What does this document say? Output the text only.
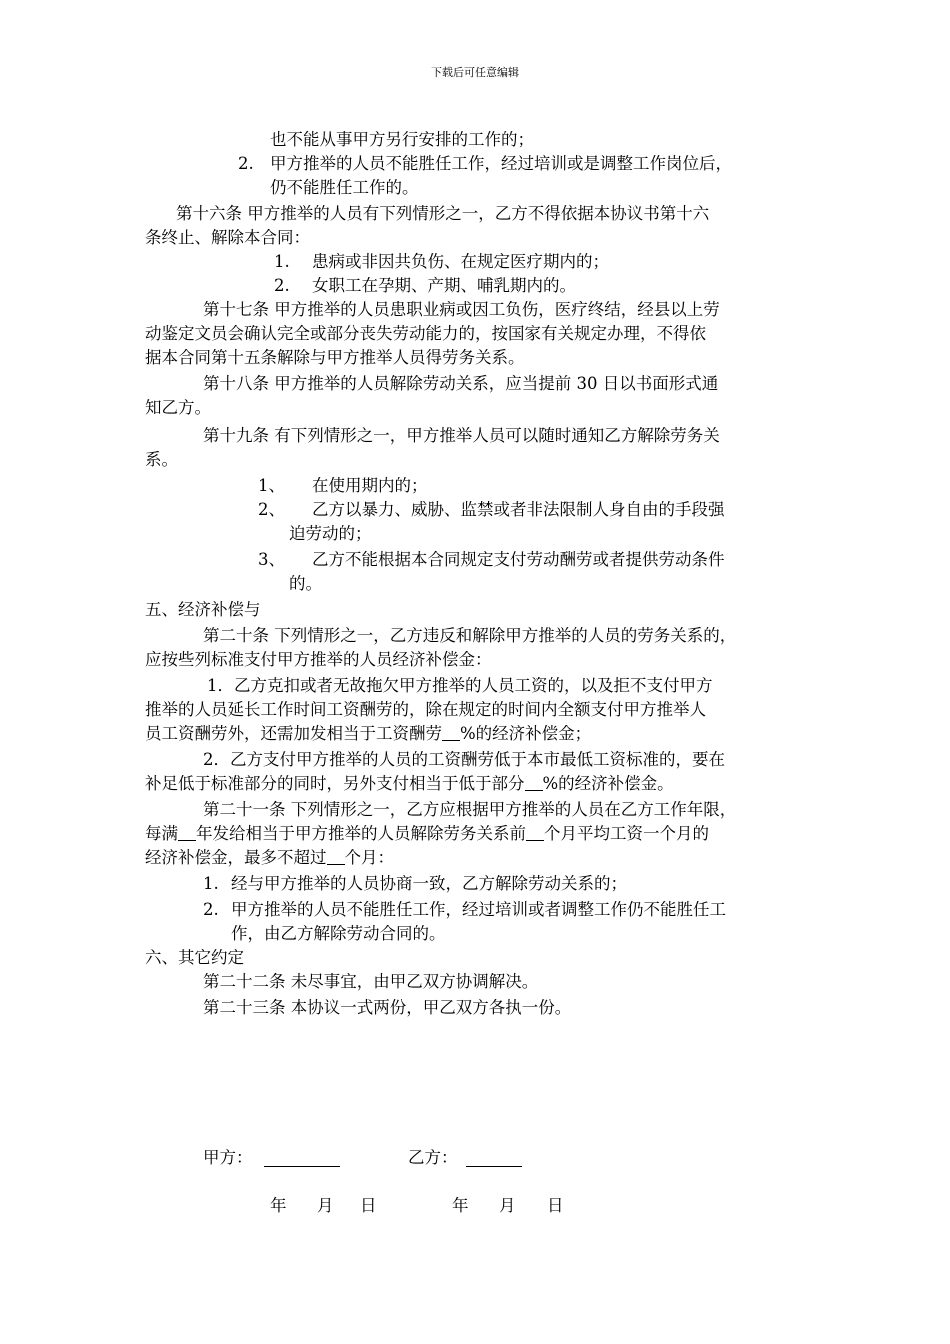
下载后可任意编辑
也不能从事甲方另行安排的工作的；
2. 甲方推举的人员不能胜任工作，经过培训或是调整工作岗位后，
仍不能胜任工作的。
第十六条 甲方推举的人员有下列情形之一，乙方不得依据本协议书第十六
条终止、解除本合同：
1. 患病或非因共负伤、在规定医疗期内的；
2. 女职工在孕期、产期、哺乳期内的。
第十七条 甲方推举的人员患职业病或因工负伤，医疗终结，经县以上劳
动鉴定文员会确认完全或部分丧失劳动能力的，按国家有关规定办理，不得依
据本合同第十五条解除与甲方推举人员得劳务关系。
第十八条 甲方推举的人员解除劳动关系，应当提前 30 日以书面形式通
知乙方。
第十九条 有下列情形之一，甲方推举人员可以随时通知乙方解除劳务关
系。
1、 在使用期内的；
2、 乙方以暴力、威胁、监禁或者非法限制人身自由的手段强
迫劳动的；
3、 乙方不能根据本合同规定支付劳动酬劳或者提供劳动条件
的。
五、经济补偿与
第二十条 下列情形之一，乙方违反和解除甲方推举的人员的劳务关系的，
应按些列标准支付甲方推举的人员经济补偿金：
1．乙方克扣或者无故拖欠甲方推举的人员工资的，以及拒不支付甲方
推举的人员延长工作时间工资酬劳的，除在规定的时间内全额支付甲方推举人
员工资酬劳外，还需加发相当于工资酬劳 %的经济补偿金；
2．乙方支付甲方推举的人员的工资酬劳低于本市最低工资标准的，要在
补足低于标准部分的同时，另外支付相当于低于部分 %的经济补偿金。
第二十一条 下列情形之一，乙方应根据甲方推举的人员在乙方工作年限，
每满 年发给相当于甲方推举的人员解除劳务关系前 个月平均工资一个月的
经济补偿金，最多不超过 个月：
1. 经与甲方推举的人员协商一致，乙方解除劳动关系的；
2. 甲方推举的人员不能胜任工作，经过培训或者调整工作仍不能胜任工
作，由乙方解除劳动合同的。
六、其它约定
第二十二条 未尽事宜，由甲乙双方协调解决。
第二十三条 本协议一式两份，甲乙双方各执一份。
甲方：	乙方：
年 月 日	年 月 日
